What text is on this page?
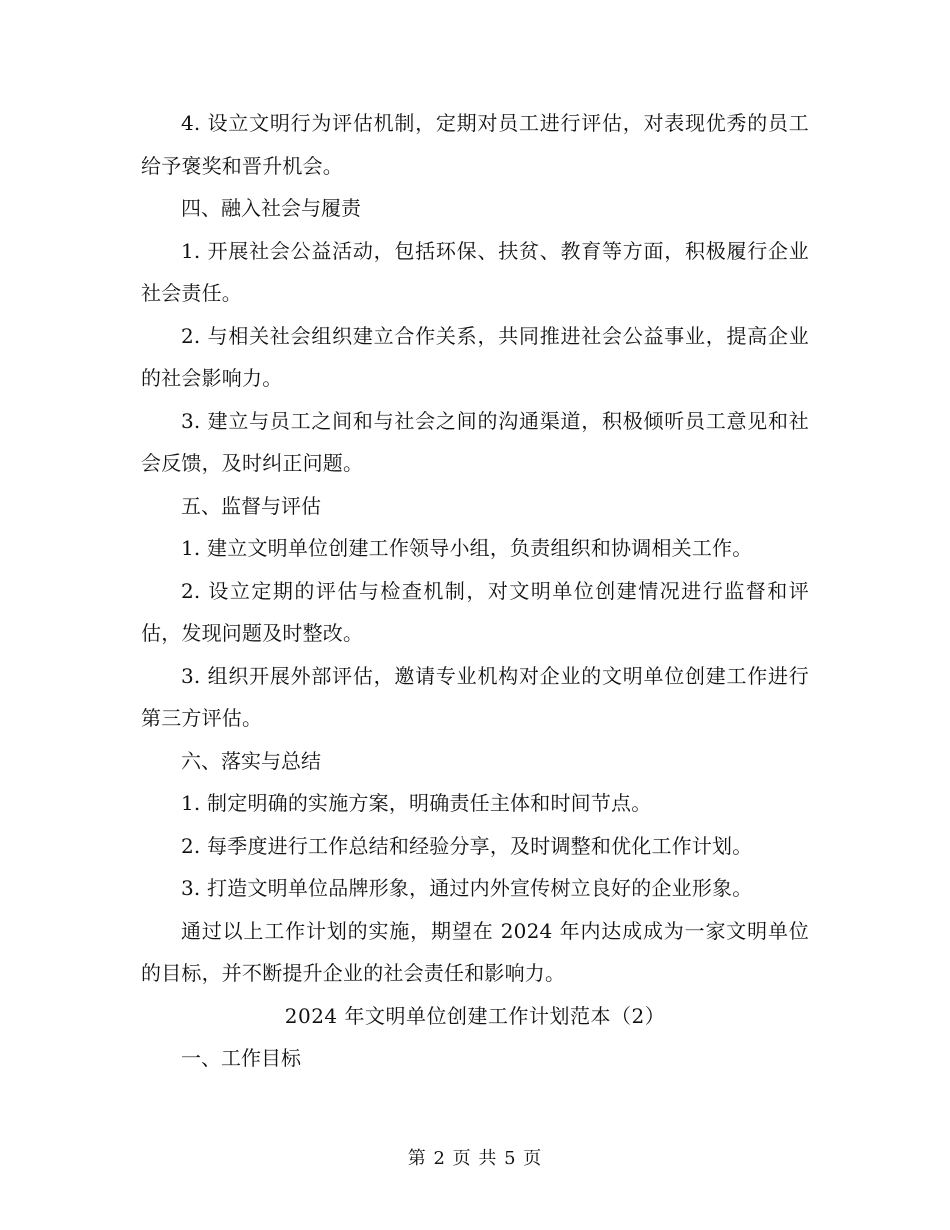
4. 设立文明行为评估机制，定期对员工进行评估，对表现优秀的员工给予褒奖和晋升机会。

四、融入社会与履责

1. 开展社会公益活动，包括环保、扶贫、教育等方面，积极履行企业社会责任。

2. 与相关社会组织建立合作关系，共同推进社会公益事业，提高企业的社会影响力。

3. 建立与员工之间和与社会之间的沟通渠道，积极倾听员工意见和社会反馈，及时纠正问题。

五、监督与评估

1. 建立文明单位创建工作领导小组，负责组织和协调相关工作。

2. 设立定期的评估与检查机制，对文明单位创建情况进行监督和评估，发现问题及时整改。

3. 组织开展外部评估，邀请专业机构对企业的文明单位创建工作进行第三方评估。

六、落实与总结

1. 制定明确的实施方案，明确责任主体和时间节点。

2. 每季度进行工作总结和经验分享，及时调整和优化工作计划。

3. 打造文明单位品牌形象，通过内外宣传树立良好的企业形象。

通过以上工作计划的实施，期望在 2024 年内达成成为一家文明单位的目标，并不断提升企业的社会责任和影响力。

2024 年文明单位创建工作计划范本（2）

一、工作目标

第 2 页 共 5 页
